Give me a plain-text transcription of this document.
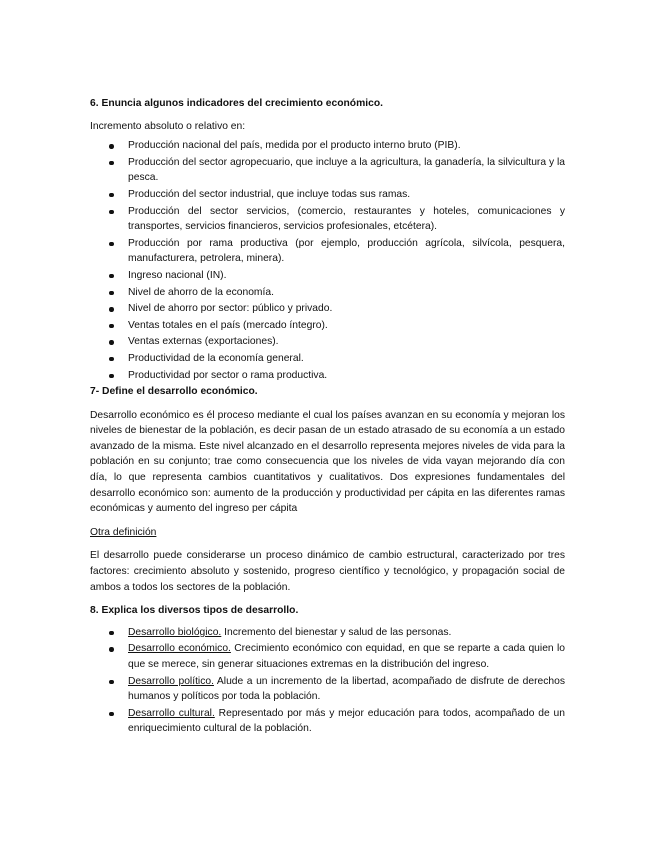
6. Enuncia algunos indicadores del crecimiento económico.

Incremento absoluto o relativo en:

Producción nacional del país, medida por el producto interno bruto (PIB).
Producción del sector agropecuario, que incluye a la agricultura, la ganadería, la silvicultura y la pesca.
Producción del sector industrial, que incluye todas sus ramas.
Producción del sector servicios, (comercio, restaurantes y hoteles, comunicaciones y transportes, servicios financieros, servicios profesionales, etcétera).
Producción por rama productiva (por ejemplo, producción agrícola, silvícola, pesquera, manufacturera, petrolera, minera).
Ingreso nacional (IN).
Nivel de ahorro de la economía.
Nivel de ahorro por sector: público y privado.
Ventas totales en el país (mercado íntegro).
Ventas externas (exportaciones).
Productividad de la economía general.
Productividad por sector o rama productiva.

7- Define el desarrollo económico.

Desarrollo económico es él proceso mediante el cual los países avanzan en su economía y mejoran los niveles de bienestar de la población, es decir pasan de un estado atrasado de su economía a un estado avanzado de la misma. Este nivel alcanzado en el desarrollo representa mejores niveles de vida para la población en su conjunto; trae como consecuencia que los niveles de vida vayan mejorando día con día, lo que representa cambios cuantitativos y cualitativos. Dos expresiones fundamentales del desarrollo económico son: aumento de la producción y productividad per cápita en las diferentes ramas económicas y aumento del ingreso per cápita

Otra definición

El desarrollo puede considerarse un proceso dinámico de cambio estructural, caracterizado por tres factores: crecimiento absoluto y sostenido, progreso científico y tecnológico, y propagación social de ambos a todos los sectores de la población.

8. Explica los diversos tipos de desarrollo.

Desarrollo biológico. Incremento del bienestar y salud de las personas.
Desarrollo económico. Crecimiento económico con equidad, en que se reparte a cada quien lo que se merece, sin generar situaciones extremas en la distribución del ingreso.
Desarrollo político. Alude a un incremento de la libertad, acompañado de disfrute de derechos humanos y políticos por toda la población.
Desarrollo cultural. Representado por más y mejor educación para todos, acompañado de un enriquecimiento cultural de la población.
